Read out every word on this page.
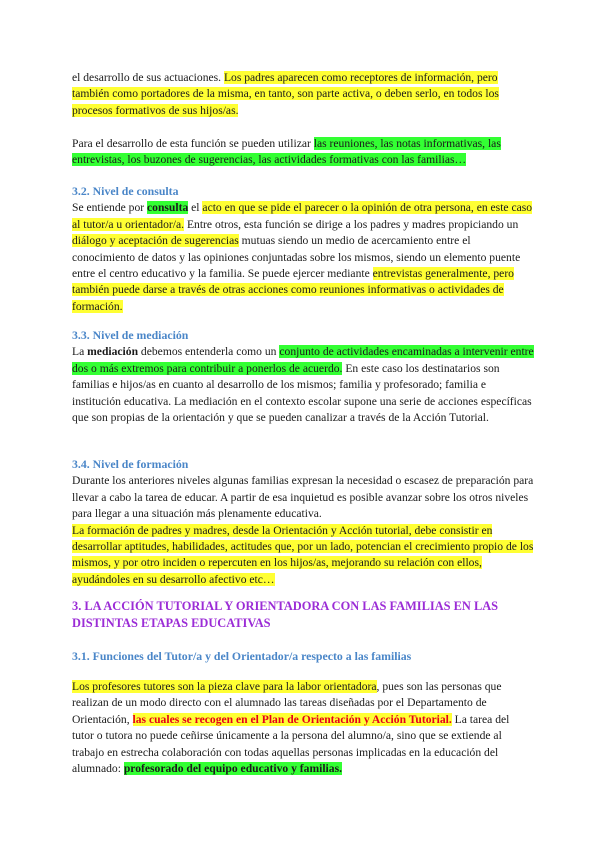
el desarrollo de sus actuaciones. Los padres aparecen como receptores de información, pero también como portadores de la misma, en tanto, son parte activa, o deben serlo, en todos los procesos formativos de sus hijos/as.

Para el desarrollo de esta función se pueden utilizar las reuniones, las notas informativas, las entrevistas, los buzones de sugerencias, las actividades formativas con las familias…

3.2. Nivel de consulta

Se entiende por consulta el acto en que se pide el parecer o la opinión de otra persona, en este caso al tutor/a u orientador/a. Entre otros, esta función se dirige a los padres y madres propiciando un diálogo y aceptación de sugerencias mutuas siendo un medio de acercamiento entre el conocimiento de datos y las opiniones conjuntadas sobre los mismos, siendo un elemento puente entre el centro educativo y la familia. Se puede ejercer mediante entrevistas generalmente, pero también puede darse a través de otras acciones como reuniones informativas o actividades de formación.

3.3. Nivel de mediación

La mediación debemos entenderla como un conjunto de actividades encaminadas a intervenir entre dos o más extremos para contribuir a ponerlos de acuerdo. En este caso los destinatarios son familias e hijos/as en cuanto al desarrollo de los mismos; familia y profesorado; familia e institución educativa. La mediación en el contexto escolar supone una serie de acciones específicas que son propias de la orientación y que se pueden canalizar a través de la Acción Tutorial.

3.4. Nivel de formación

Durante los anteriores niveles algunas familias expresan la necesidad o escasez de preparación para llevar a cabo la tarea de educar. A partir de esa inquietud es posible avanzar sobre los otros niveles para llegar a una situación más plenamente educativa.

La formación de padres y madres, desde la Orientación y Acción tutorial, debe consistir en desarrollar aptitudes, habilidades, actitudes que, por un lado, potencian el crecimiento propio de los mismos, y por otro inciden o repercuten en los hijos/as, mejorando su relación con ellos, ayudándoles en su desarrollo afectivo etc…

3. LA ACCIÓN TUTORIAL Y ORIENTADORA CON LAS FAMILIAS EN LAS DISTINTAS ETAPAS EDUCATIVAS

3.1. Funciones del Tutor/a y del Orientador/a respecto a las familias

Los profesores tutores son la pieza clave para la labor orientadora, pues son las personas que realizan de un modo directo con el alumnado las tareas diseñadas por el Departamento de Orientación, las cuales se recogen en el Plan de Orientación y Acción Tutorial. La tarea del tutor o tutora no puede ceñirse únicamente a la persona del alumno/a, sino que se extiende al trabajo en estrecha colaboración con todas aquellas personas implicadas en la educación del alumnado: profesorado del equipo educativo y familias.
